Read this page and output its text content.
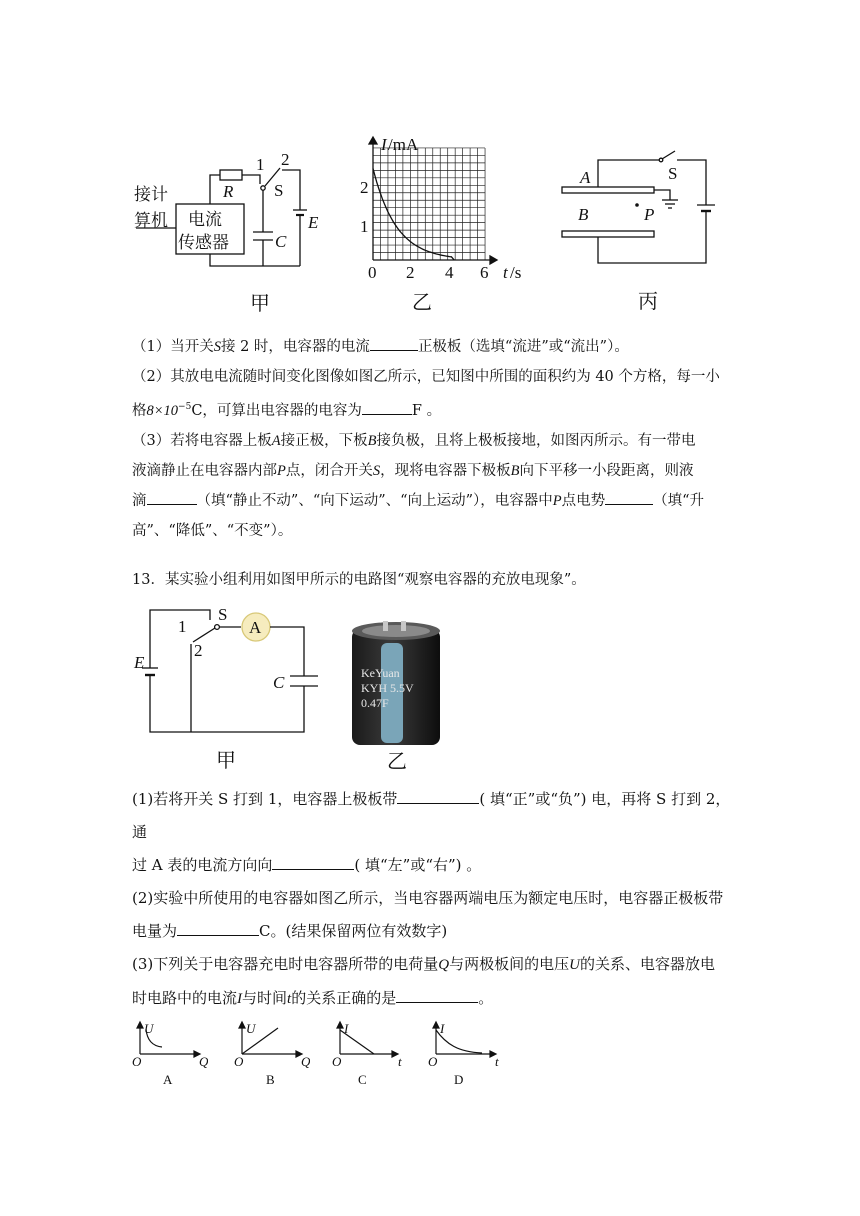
接计
算机 电流
传感器
R
1 2
S
C
E
甲
I /mA
2
1
0 2 4 6 t /s
乙
A
B	P
S
丙
（1）当开关S接 2 时，电容器的电流	正极板（选填“流进”或“流出”）。
（2）其放电电流随时间变化图像如图乙所示，已知图中所围的面积约为 40 个方格，每一小
格$8\times 10^{-5}C$，可算出电容器的电容为	F 。
（3）若将电容器上板A接正极，下板B接负极，且将上极板接地，如图丙所示。有一带电
液滴静止在电容器内部P点，闭合开关S，现将电容器下极板B向下平移一小段距离，则液
滴	（填“静止不动”、“向下运动”、“向上运动”），电容器中P点电势	（填“升
高”、“降低”、“不变”）。
13．某实验小组利用如图甲所示的电路图“观察电容器的充放电现象”。
1
2
S
A
E
C
甲
KeYuan
KYH 5.5V
0.47F
乙
(1)若将开关 S 打到 1，电容器上极板带	( 填“正”或“负”) 电，再将 S 打到 2，通
过 A 表的电流方向向	( 填“左”或“右”) 。
(2)实验中所使用的电容器如图乙所示，当电容器两端电压为额定电压时，电容器正极板带
电量为	C。(结果保留两位有效数字)
(3)下列关于电容器充电时电容器所带的电荷量Q与两极板间的电压U的关系、电容器放电
时电路中的电流I与时间t的关系正确的是	。
U
O	Q
A
U
O	Q
B
I
O	t
C
I
O	t
D
